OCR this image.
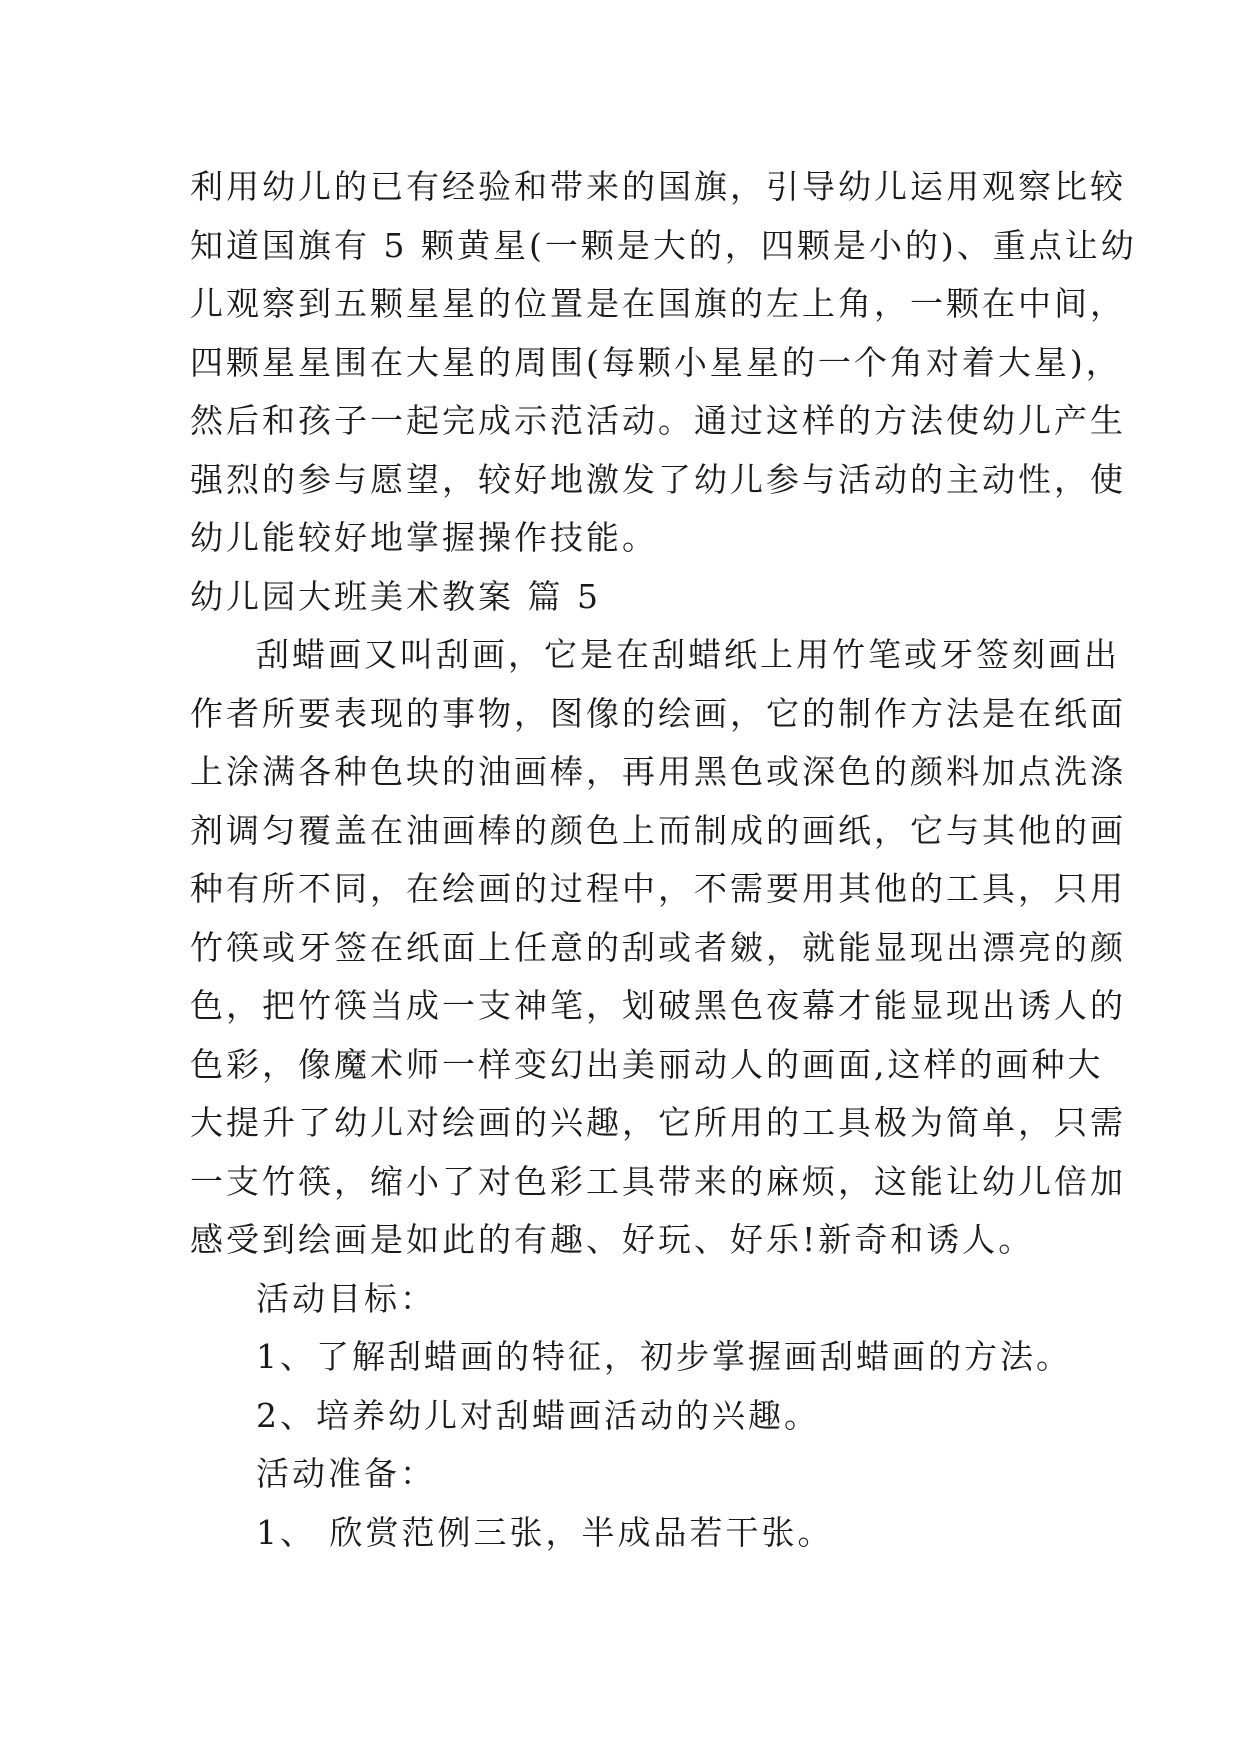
利用幼儿的已有经验和带来的国旗，引导幼儿运用观察比较
知道国旗有 5 颗黄星(一颗是大的，四颗是小的)、重点让幼
儿观察到五颗星星的位置是在国旗的左上角，一颗在中间，
四颗星星围在大星的周围(每颗小星星的一个角对着大星)，
然后和孩子一起完成示范活动。通过这样的方法使幼儿产生
强烈的参与愿望，较好地激发了幼儿参与活动的主动性，使
幼儿能较好地掌握操作技能。
幼儿园大班美术教案 篇 5
刮蜡画又叫刮画，它是在刮蜡纸上用竹笔或牙签刻画出
作者所要表现的事物，图像的绘画，它的制作方法是在纸面
上涂满各种色块的油画棒，再用黑色或深色的颜料加点洗涤
剂调匀覆盖在油画棒的颜色上而制成的画纸，它与其他的画
种有所不同，在绘画的过程中，不需要用其他的工具，只用
竹筷或牙签在纸面上任意的刮或者皴，就能显现出漂亮的颜
色，把竹筷当成一支神笔，划破黑色夜幕才能显现出诱人的
色彩，像魔术师一样变幻出美丽动人的画面,这样的画种大
大提升了幼儿对绘画的兴趣，它所用的工具极为简单，只需
一支竹筷，缩小了对色彩工具带来的麻烦，这能让幼儿倍加
感受到绘画是如此的有趣、好玩、好乐!新奇和诱人。
活动目标：
1、了解刮蜡画的特征，初步掌握画刮蜡画的方法。
2、培养幼儿对刮蜡画活动的兴趣。
活动准备：
1、 欣赏范例三张，半成品若干张。
